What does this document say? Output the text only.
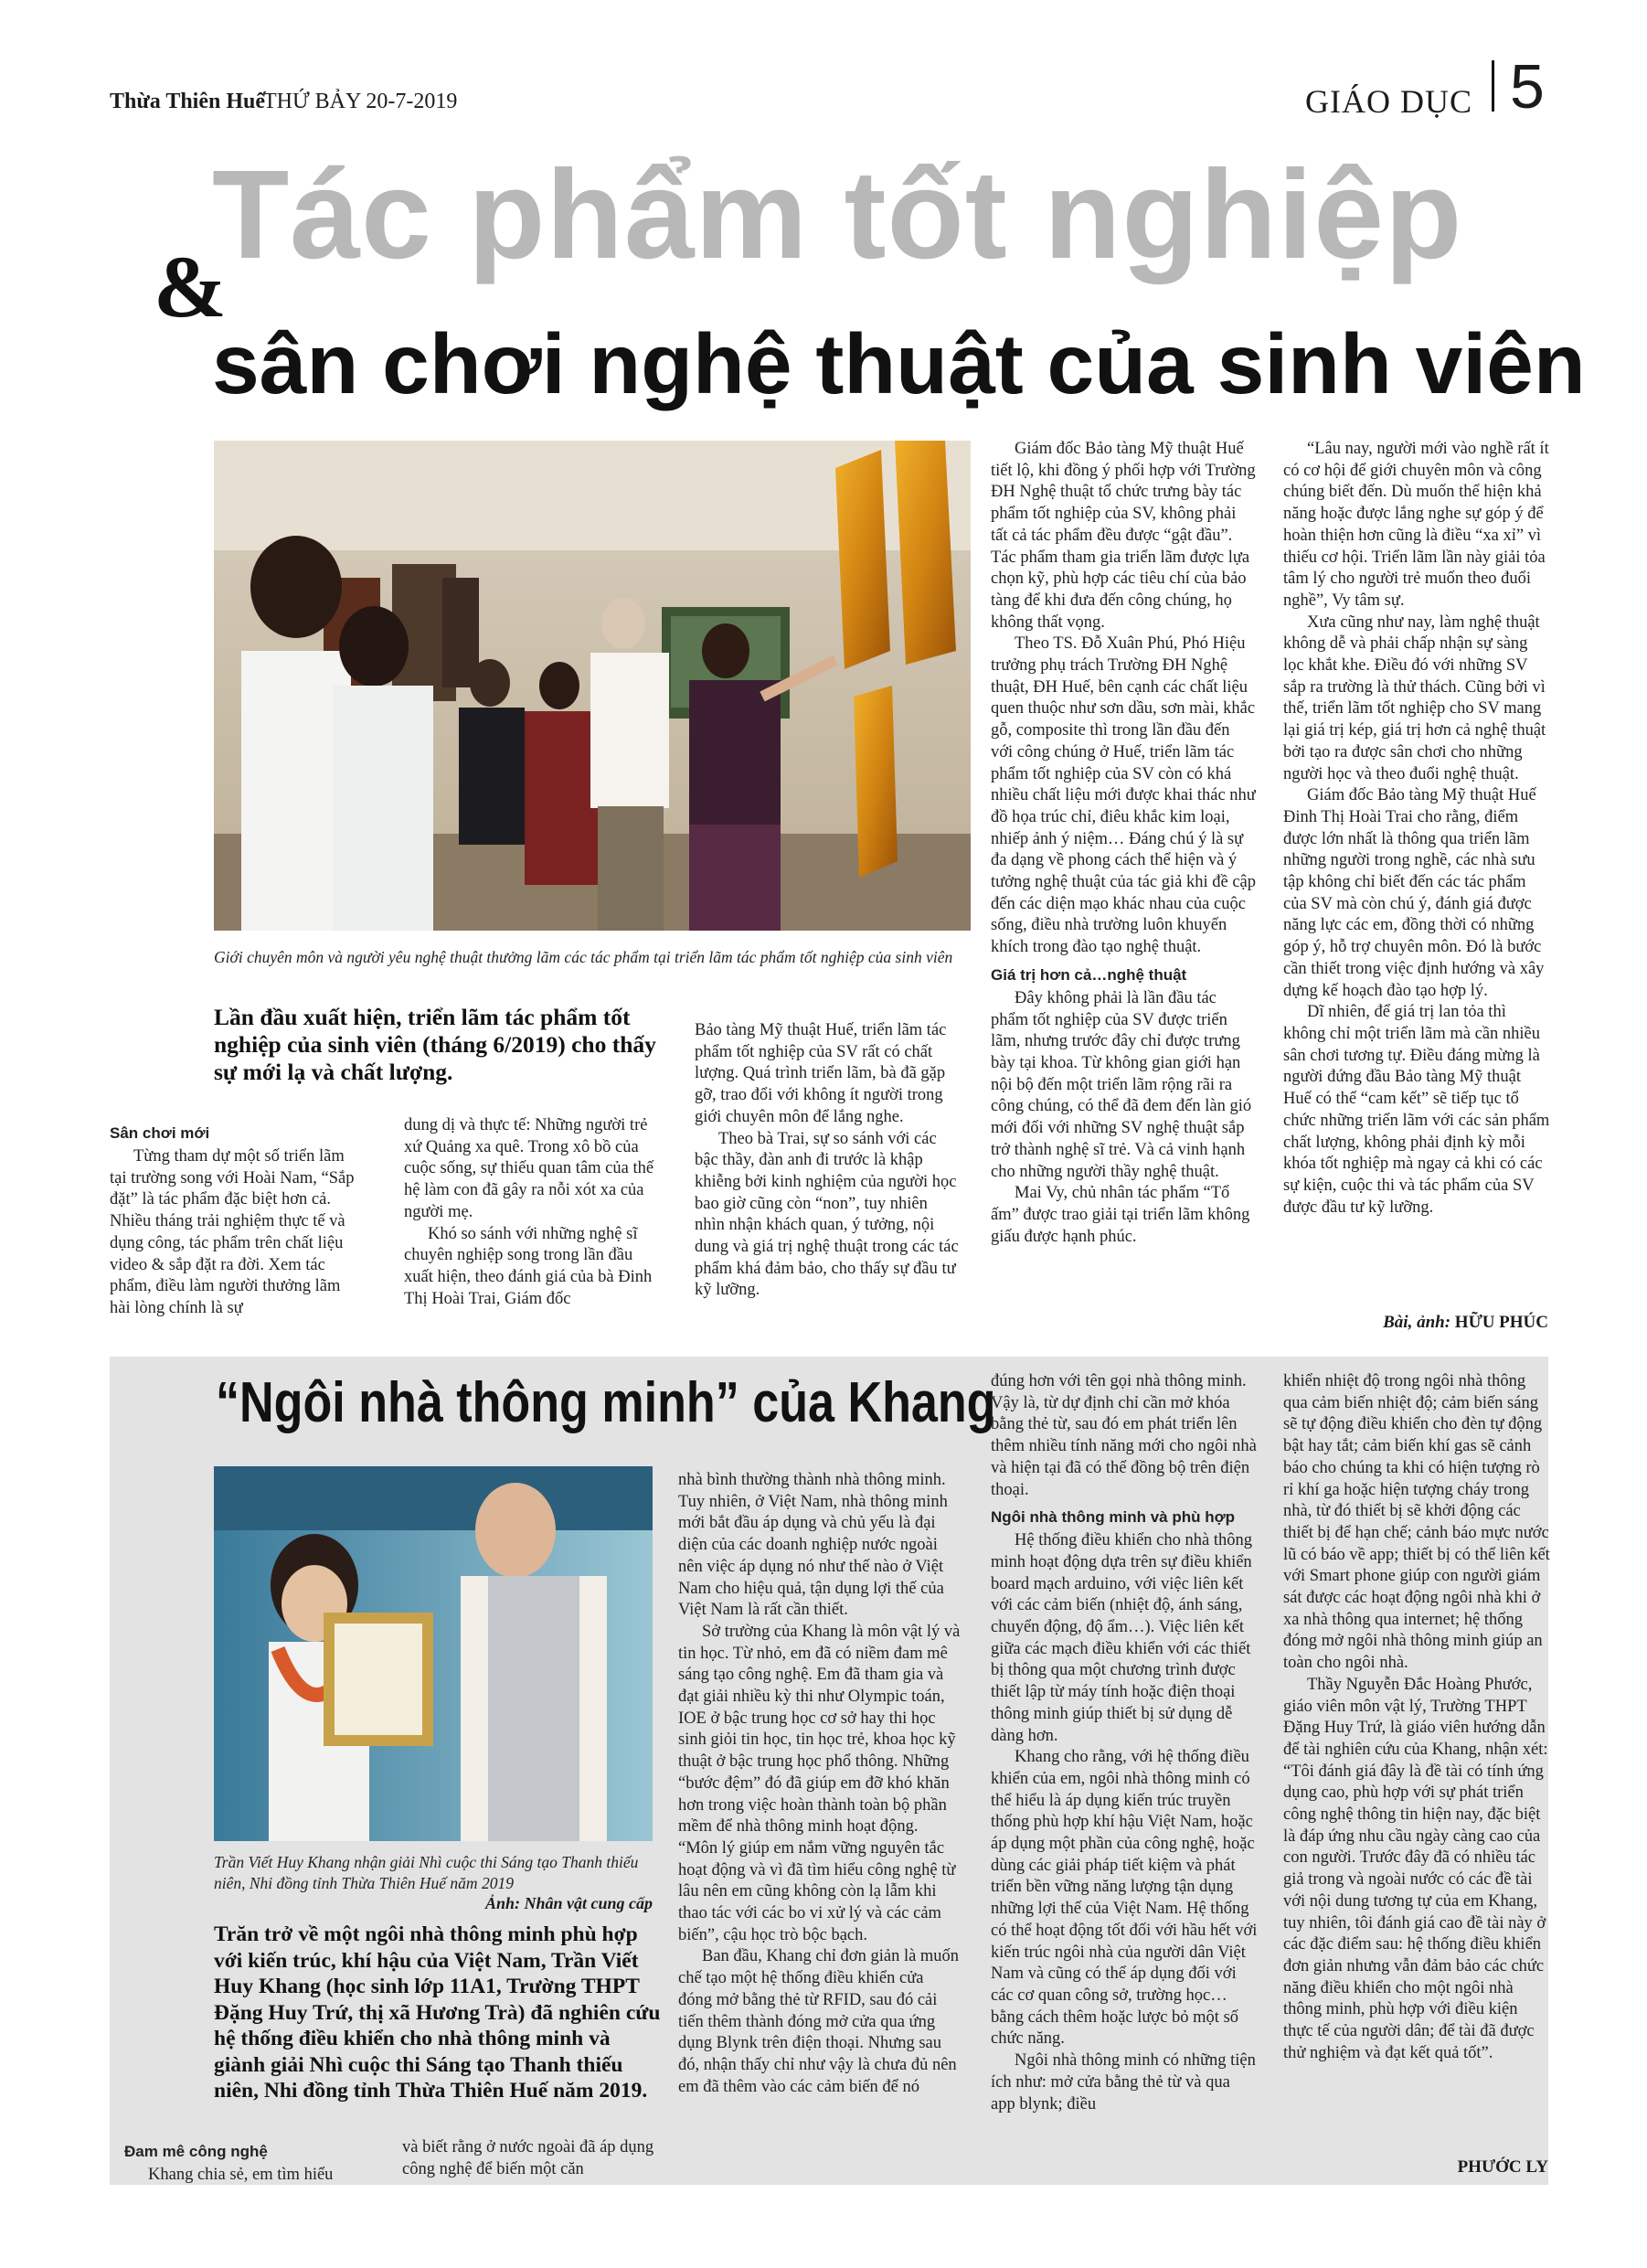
Thừa Thiên Huế
THỨ BẢY 20-7-2019	GIÁO DỤC 5
Tác phẩm tốt nghiệp
&
sân chơi nghệ thuật của sinh viên
Giới chuyên môn và người yêu nghệ thuật thưởng lãm các tác phẩm tại triển lãm tác phẩm tốt nghiệp của sinh viên
Lần đầu xuất hiện, triển lãm tác phẩm tốt nghiệp của sinh viên (tháng 6/2019) cho thấy sự mới lạ và chất lượng.
Sân chơi mới

Từng tham dự một số triển lãm tại trường song với Hoài Nam, “Sắp đặt” là tác phẩm đặc biệt hơn cả. Nhiều tháng trải nghiệm thực tế và dụng công, tác phẩm trên chất liệu video & sắp đặt ra đời. Xem tác phẩm, điều làm người thưởng lãm hài lòng chính là sự

dung dị và thực tế: Những người trẻ xứ Quảng xa quê. Trong xô bồ của cuộc sống, sự thiếu quan tâm của thế hệ làm con đã gây ra nỗi xót xa của người mẹ.

Khó so sánh với những nghệ sĩ chuyên nghiệp song trong lần đầu xuất hiện, theo đánh giá của bà Đinh Thị Hoài Trai, Giám đốc

Bảo tàng Mỹ thuật Huế, triển lãm tác phẩm tốt nghiệp của SV rất có chất lượng. Quá trình triển lãm, bà đã gặp gỡ, trao đổi với không ít người trong giới chuyên môn để lắng nghe.

Theo bà Trai, sự so sánh với các bậc thầy, đàn anh đi trước là khập khiễng bởi kinh nghiệm của người học bao giờ cũng còn “non”, tuy nhiên nhìn nhận khách quan, ý tưởng, nội dung và giá trị nghệ thuật trong các tác phẩm khá đảm bảo, cho thấy sự đầu tư kỹ lưỡng.

Giám đốc Bảo tàng Mỹ thuật Huế tiết lộ, khi đồng ý phối hợp với Trường ĐH Nghệ thuật tổ chức trưng bày tác phẩm tốt nghiệp của SV, không phải tất cả tác phẩm đều được “gật đầu”. Tác phẩm tham gia triển lãm được lựa chọn kỹ, phù hợp các tiêu chí của bảo tàng để khi đưa đến công chúng, họ không thất vọng.

Theo TS. Đỗ Xuân Phú, Phó Hiệu trưởng phụ trách Trường ĐH Nghệ thuật, ĐH Huế, bên cạnh các chất liệu quen thuộc như sơn dầu, sơn mài, khắc gỗ, composite thì trong lần đầu đến với công chúng ở Huế, triển lãm tác phẩm tốt nghiệp của SV còn có khá nhiều chất liệu mới được khai thác như đồ họa trúc chỉ, điêu khắc kim loại, nhiếp ảnh ý niệm… Đáng chú ý là sự đa dạng về phong cách thể hiện và ý tưởng nghệ thuật của tác giả khi đề cập đến các diện mạo khác nhau của cuộc sống, điều nhà trường luôn khuyến khích trong đào tạo nghệ thuật.

Giá trị hơn cả…nghệ thuật

Đây không phải là lần đầu tác phẩm tốt nghiệp của SV được triển lãm, nhưng trước đây chỉ được trưng bày tại khoa. Từ không gian giới hạn nội bộ đến một triển lãm rộng rãi ra công chúng, có thể đã đem đến làn gió mới đối với những SV nghệ thuật sắp trở thành nghệ sĩ trẻ. Và cả vinh hạnh cho những người thầy nghệ thuật.

Mai Vy, chủ nhân tác phẩm “Tổ ấm” được trao giải tại triển lãm không giấu được hạnh phúc.

“Lâu nay, người mới vào nghề rất ít có cơ hội để giới chuyên môn và công chúng biết đến. Dù muốn thể hiện khả năng hoặc được lắng nghe sự góp ý để hoàn thiện hơn cũng là điều “xa xỉ” vì thiếu cơ hội. Triển lãm lần này giải tỏa tâm lý cho người trẻ muốn theo đuổi nghề”, Vy tâm sự.

Xưa cũng như nay, làm nghệ thuật không dễ và phải chấp nhận sự sàng lọc khắt khe. Điều đó với những SV sắp ra trường là thử thách. Cũng bởi vì thế, triển lãm tốt nghiệp cho SV mang lại giá trị kép, giá trị hơn cả nghệ thuật bởi tạo ra được sân chơi cho những người học và theo đuổi nghệ thuật.

Giám đốc Bảo tàng Mỹ thuật Huế Đinh Thị Hoài Trai cho rằng, điểm được lớn nhất là thông qua triển lãm những người trong nghề, các nhà sưu tập không chỉ biết đến các tác phẩm của SV mà còn chú ý, đánh giá được năng lực các em, đồng thời có những góp ý, hỗ trợ chuyên môn. Đó là bước cần thiết trong việc định hướng và xây dựng kế hoạch đào tạo hợp lý.

Dĩ nhiên, để giá trị lan tỏa thì không chỉ một triển lãm mà cần nhiều sân chơi tương tự. Điều đáng mừng là người đứng đầu Bảo tàng Mỹ thuật Huế có thể “cam kết” sẽ tiếp tục tổ chức những triển lãm với các sản phẩm chất lượng, không phải định kỳ mỗi khóa tốt nghiệp mà ngay cả khi có các sự kiện, cuộc thi và tác phẩm của SV được đầu tư kỹ lưỡng.

Bài, ảnh: HỮU PHÚC
“Ngôi nhà thông minh” của Khang
Trần Viết Huy Khang nhận giải Nhì cuộc thi Sáng tạo Thanh thiếu niên, Nhi đồng tỉnh Thừa Thiên Huế năm 2019
Ảnh: Nhân vật cung cấp
Trăn trở về một ngôi nhà thông minh phù hợp với kiến trúc, khí hậu của Việt Nam, Trần Viết Huy Khang (học sinh lớp 11A1, Trường THPT Đặng Huy Trứ, thị xã Hương Trà) đã nghiên cứu hệ thống điều khiển cho nhà thông minh và giành giải Nhì cuộc thi Sáng tạo Thanh thiếu niên, Nhi đồng tỉnh Thừa Thiên Huế năm 2019.
Đam mê công nghệ

Khang chia sẻ, em tìm hiểu

và biết rằng ở nước ngoài đã áp dụng công nghệ để biến một căn

nhà bình thường thành nhà thông minh. Tuy nhiên, ở Việt Nam, nhà thông minh mới bắt đầu áp dụng và chủ yếu là đại diện của các doanh nghiệp nước ngoài nên việc áp dụng nó như thế nào ở Việt Nam cho hiệu quả, tận dụng lợi thế của Việt Nam là rất cần thiết.

Sở trường của Khang là môn vật lý và tin học. Từ nhỏ, em đã có niềm đam mê sáng tạo công nghệ. Em đã tham gia và đạt giải nhiều kỳ thi như Olympic toán, IOE ở bậc trung học cơ sở hay thi học sinh giỏi tin học, tin học trẻ, khoa học kỹ thuật ở bậc trung học phổ thông. Những “bước đệm” đó đã giúp em đỡ khó khăn hơn trong việc hoàn thành toàn bộ phần mềm để nhà thông minh hoạt động. “Môn lý giúp em nắm vững nguyên tắc hoạt động và vì đã tìm hiểu công nghệ từ lâu nên em cũng không còn lạ lẫm khi thao tác với các bo vi xử lý và các cảm biến”, cậu học trò bộc bạch.

Ban đầu, Khang chỉ đơn giản là muốn chế tạo một hệ thống điều khiển cửa đóng mở bằng thẻ từ RFID, sau đó cải tiến thêm thành đóng mở cửa qua ứng dụng Blynk trên điện thoại. Nhưng sau đó, nhận thấy chỉ như vậy là chưa đủ nên em đã thêm vào các cảm biến để nó

đúng hơn với tên gọi nhà thông minh. Vậy là, từ dự định chỉ cần mở khóa bằng thẻ từ, sau đó em phát triển lên thêm nhiều tính năng mới cho ngôi nhà và hiện tại đã có thể đồng bộ trên điện thoại.

Ngôi nhà thông minh và phù hợp

Hệ thống điều khiển cho nhà thông minh hoạt động dựa trên sự điều khiển board mạch arduino, với việc liên kết với các cảm biến (nhiệt độ, ánh sáng, chuyển động, độ ẩm…). Việc liên kết giữa các mạch điều khiển với các thiết bị thông qua một chương trình được thiết lập từ máy tính hoặc điện thoại thông minh giúp thiết bị sử dụng dễ dàng hơn.

Khang cho rằng, với hệ thống điều khiển của em, ngôi nhà thông minh có thể hiểu là áp dụng kiến trúc truyền thống phù hợp khí hậu Việt Nam, hoặc áp dụng một phần của công nghệ, hoặc dùng các giải pháp tiết kiệm và phát triển bền vững năng lượng tận dụng những lợi thế của Việt Nam. Hệ thống có thể hoạt động tốt đối với hầu hết với kiến trúc ngôi nhà của người dân Việt Nam và cũng có thể áp dụng đối với các cơ quan công sở, trường học… bằng cách thêm hoặc lược bỏ một số chức năng.

Ngôi nhà thông minh có những tiện ích như: mở cửa bằng thẻ từ và qua app blynk; điều

khiển nhiệt độ trong ngôi nhà thông qua cảm biến nhiệt độ; cảm biến sáng sẽ tự động điều khiển cho đèn tự động bật hay tắt; cảm biến khí gas sẽ cảnh báo cho chúng ta khi có hiện tượng rò rỉ khí ga hoặc hiện tượng cháy trong nhà, từ đó thiết bị sẽ khởi động các thiết bị để hạn chế; cảnh báo mực nước lũ có báo về app; thiết bị có thể liên kết với Smart phone giúp con người giám sát được các hoạt động ngôi nhà khi ở xa nhà thông qua internet; hệ thống đóng mở ngôi nhà thông minh giúp an toàn cho ngôi nhà.

Thầy Nguyễn Đắc Hoàng Phước, giáo viên môn vật lý, Trường THPT Đặng Huy Trứ, là giáo viên hướng dẫn để tài nghiên cứu của Khang, nhận xét: “Tôi đánh giá đây là đề tài có tính ứng dụng cao, phù hợp với sự phát triển công nghệ thông tin hiện nay, đặc biệt là đáp ứng nhu cầu ngày càng cao của con người. Trước đây đã có nhiều tác giả trong và ngoài nước có các đề tài với nội dung tương tự của em Khang, tuy nhiên, tôi đánh giá cao đề tài này ở các đặc điểm sau: hệ thống điều khiển đơn giản nhưng vẫn đảm bảo các chức năng điều khiển cho một ngôi nhà thông minh, phù hợp với điều kiện thực tế của người dân; để tài đã được thử nghiệm và đạt kết quả tốt”.

PHƯỚC LY
